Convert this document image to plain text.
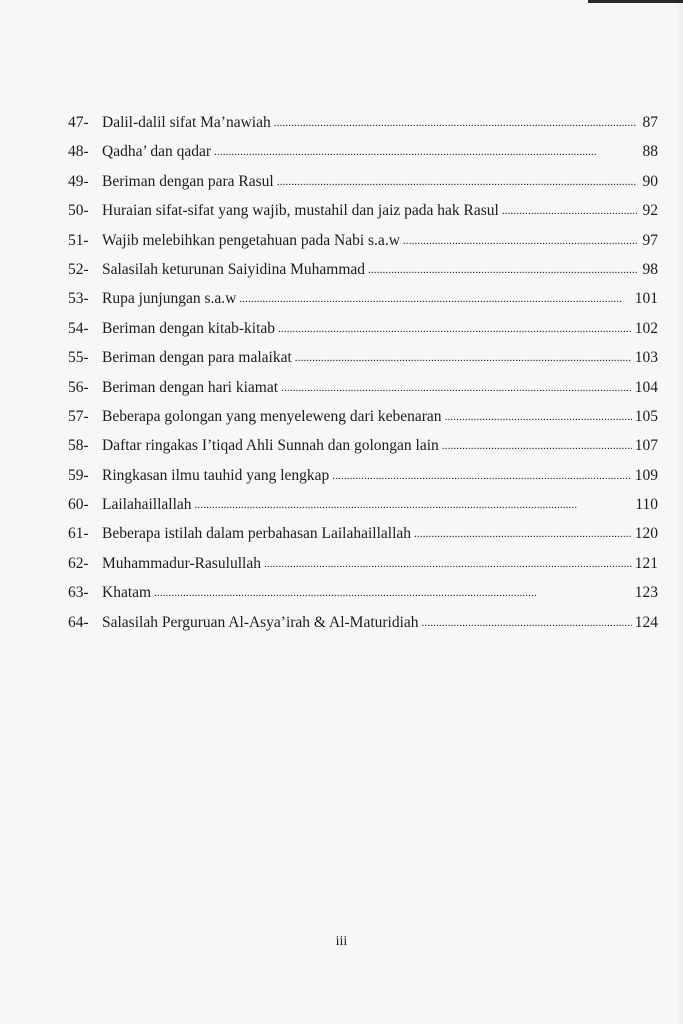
47- Dalil-dalil sifat Ma’nawiah . . .	87
48- Qadha’ dan qadar . . .	88
49- Beriman dengan para Rasul . . .	90
50- Huraian sifat-sifat yang wajib, mustahil dan jaiz pada hak Rasul . . .	92
51- Wajib melebihkan pengetahuan pada Nabi s.a.w . . .	97
52- Salasilah keturunan Saiyidina Muhammad . . .	98
53- Rupa junjungan s.a.w . . .	101
54- Beriman dengan kitab-kitab . . .	102
55- Beriman dengan para malaikat . . .	103
56- Beriman dengan hari kiamat . . .	104
57- Beberapa golongan yang menyeleweng dari kebenaran . . .	105
58- Daftar ringakas I’tiqad Ahli Sunnah dan golongan lain . . .	107
59- Ringkasan ilmu tauhid yang lengkap . . .	109
60- Lailahaillallah . . .	110
61- Beberapa istilah dalam perbahasan Lailahaillallah . . .	120
62- Muhammadur-Rasulullah . . .	121
63- Khatam . . .	123
64- Salasilah Perguruan Al-Asya’irah & Al-Maturidiah . . .	124
iii
